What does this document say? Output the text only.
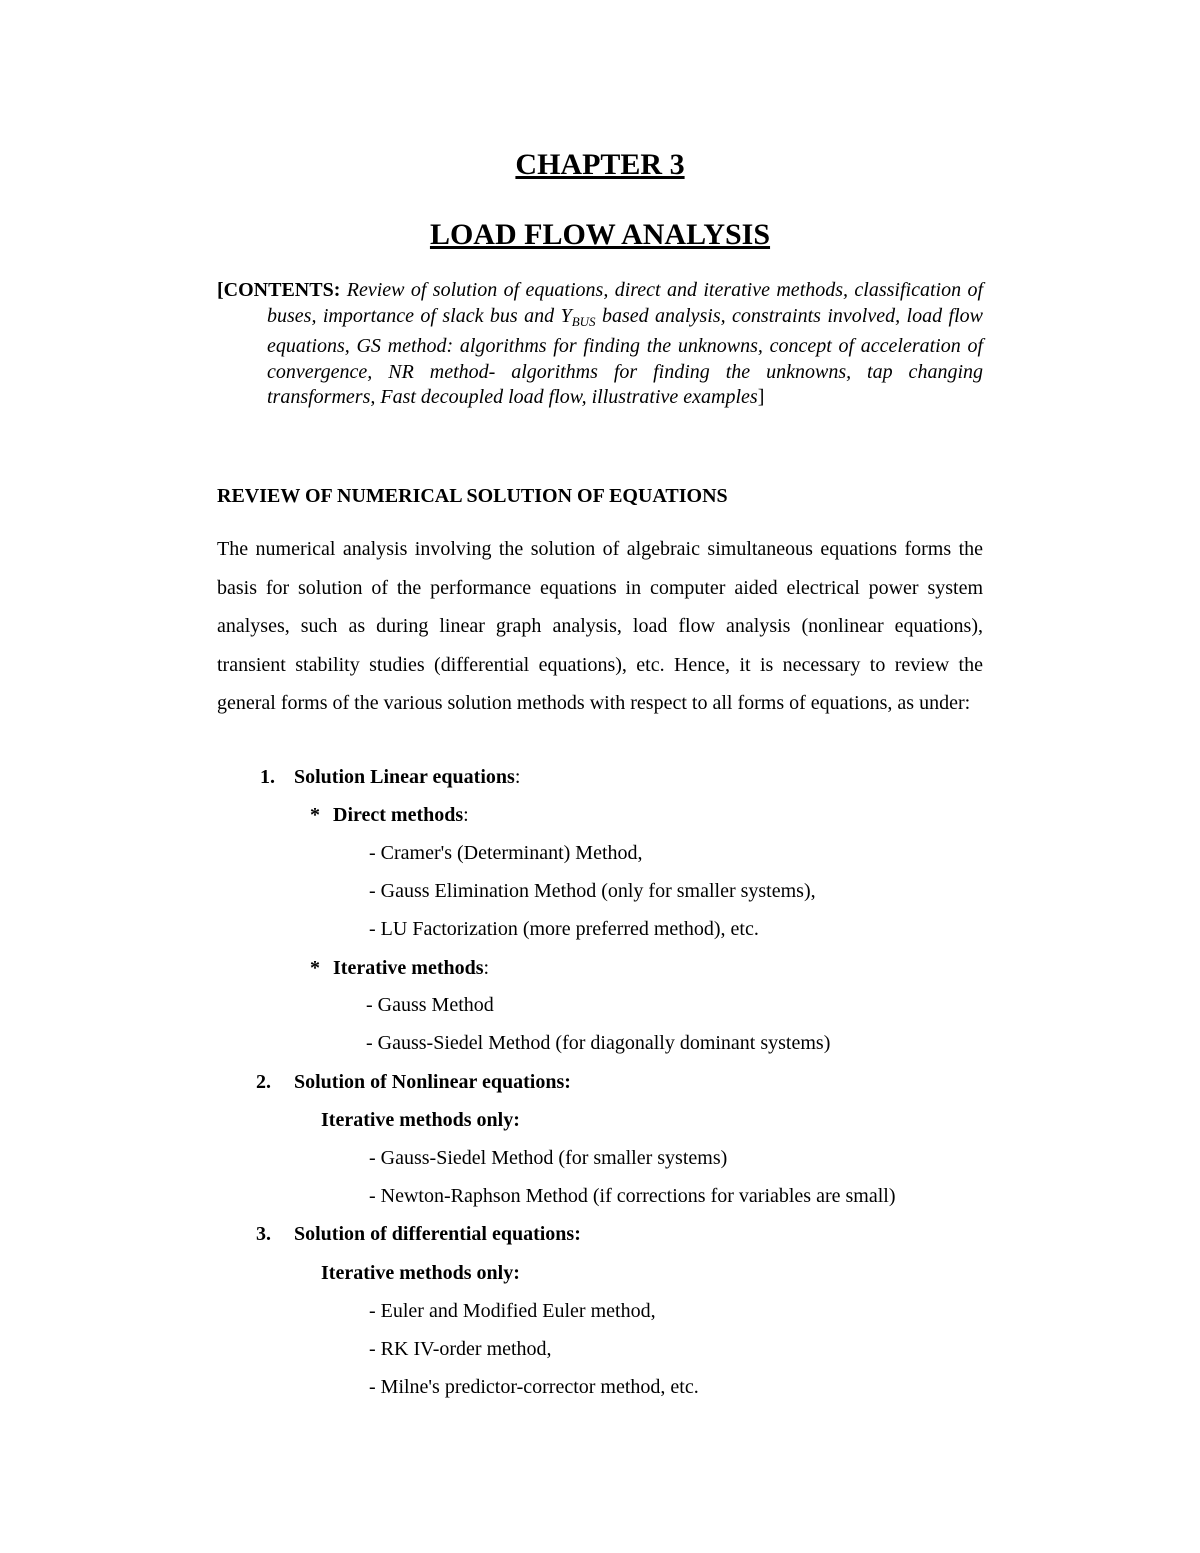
CHAPTER 3
LOAD FLOW ANALYSIS
[CONTENTS: Review of solution of equations, direct and iterative methods, classification of buses, importance of slack bus and $Y_{BUS}$ based analysis, constraints involved, load flow equations, GS method: algorithms for finding the unknowns, concept of acceleration of convergence, NR method- algorithms for finding the unknowns, tap changing transformers, Fast decoupled load flow, illustrative examples]
REVIEW OF NUMERICAL SOLUTION OF EQUATIONS
The numerical analysis involving the solution of algebraic simultaneous equations forms the basis for solution of the performance equations in computer aided electrical power system analyses, such as during linear graph analysis, load flow analysis (nonlinear equations), transient stability studies (differential equations), etc. Hence, it is necessary to review the general forms of the various solution methods with respect to all forms of equations, as under:
1. Solution Linear equations:
* Direct methods:
- Cramer's (Determinant) Method,
- Gauss Elimination Method (only for smaller systems),
- LU Factorization (more preferred method), etc.
* Iterative methods:
- Gauss Method
- Gauss-Siedel Method (for diagonally dominant systems)
2. Solution of Nonlinear equations:
Iterative methods only:
- Gauss-Siedel Method (for smaller systems)
- Newton-Raphson Method (if corrections for variables are small)
3. Solution of differential equations:
Iterative methods only:
- Euler and Modified Euler method,
- RK IV-order method,
- Milne's predictor-corrector method, etc.
